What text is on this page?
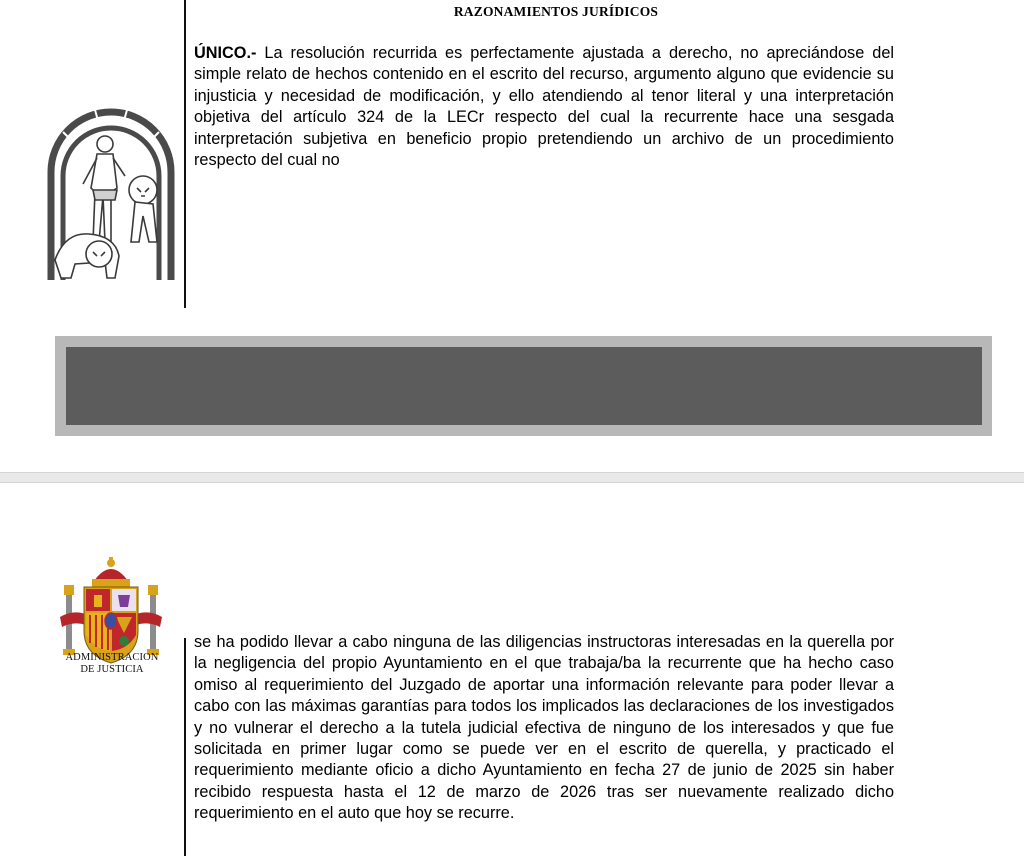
RAZONAMIENTOS JURÍDICOS

ÚNICO.- La resolución recurrida es perfectamente ajustada a derecho, no apreciándose del simple relato de hechos contenido en el escrito del recurso, argumento alguno que evidencie su injusticia y necesidad de modificación, y ello atendiendo al tenor literal y una interpretación objetiva del artículo 324 de la LECr respecto del cual la recurrente hace una sesgada interpretación subjetiva en beneficio propio pretendiendo un archivo de un procedimiento respecto del cual no

ADMINISTRACION
DE JUSTICIA

se ha podido llevar a cabo ninguna de las diligencias instructoras interesadas en la querella por la negligencia del propio Ayuntamiento en el que trabaja/ba la recurrente que ha hecho caso omiso al requerimiento del Juzgado de aportar una información relevante para poder llevar a cabo con las máximas garantías para todos los implicados las declaraciones de los investigados y no vulnerar el derecho a la tutela judicial efectiva de ninguno de los interesados y que fue solicitada en primer lugar como se puede ver en el escrito de querella, y practicado el requerimiento mediante oficio a dicho Ayuntamiento en fecha 27 de junio de 2025 sin haber recibido respuesta hasta el 12 de marzo de 2026 tras ser nuevamente realizado dicho requerimiento en el auto que hoy se recurre.
